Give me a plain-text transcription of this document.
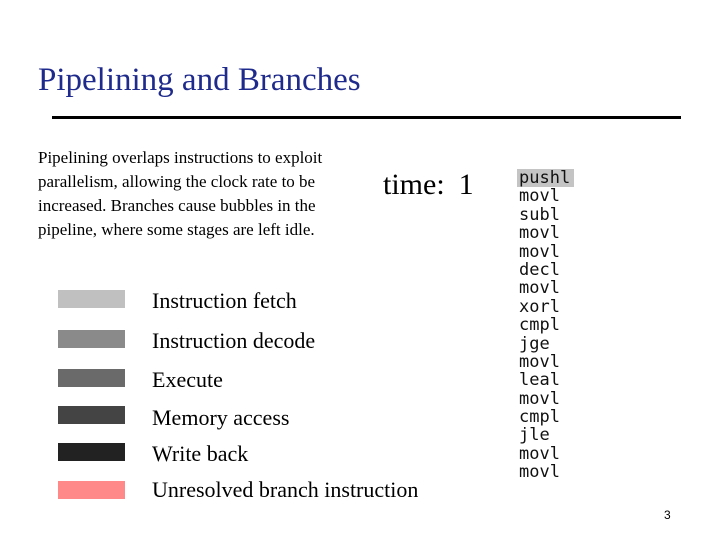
Pipelining and Branches
Pipelining overlaps instructions to exploit parallelism, allowing the clock rate to be increased. Branches cause bubbles in the pipeline, where some stages are left idle.
time: 1	pushl
movl
subl
movl
movl
decl
movl
xorl
cmpl
jge
movl
leal
movl
cmpl
jle
movl
movl
Instruction fetch
Instruction decode
Execute
Memory access
Write back
Unresolved branch instruction
3
